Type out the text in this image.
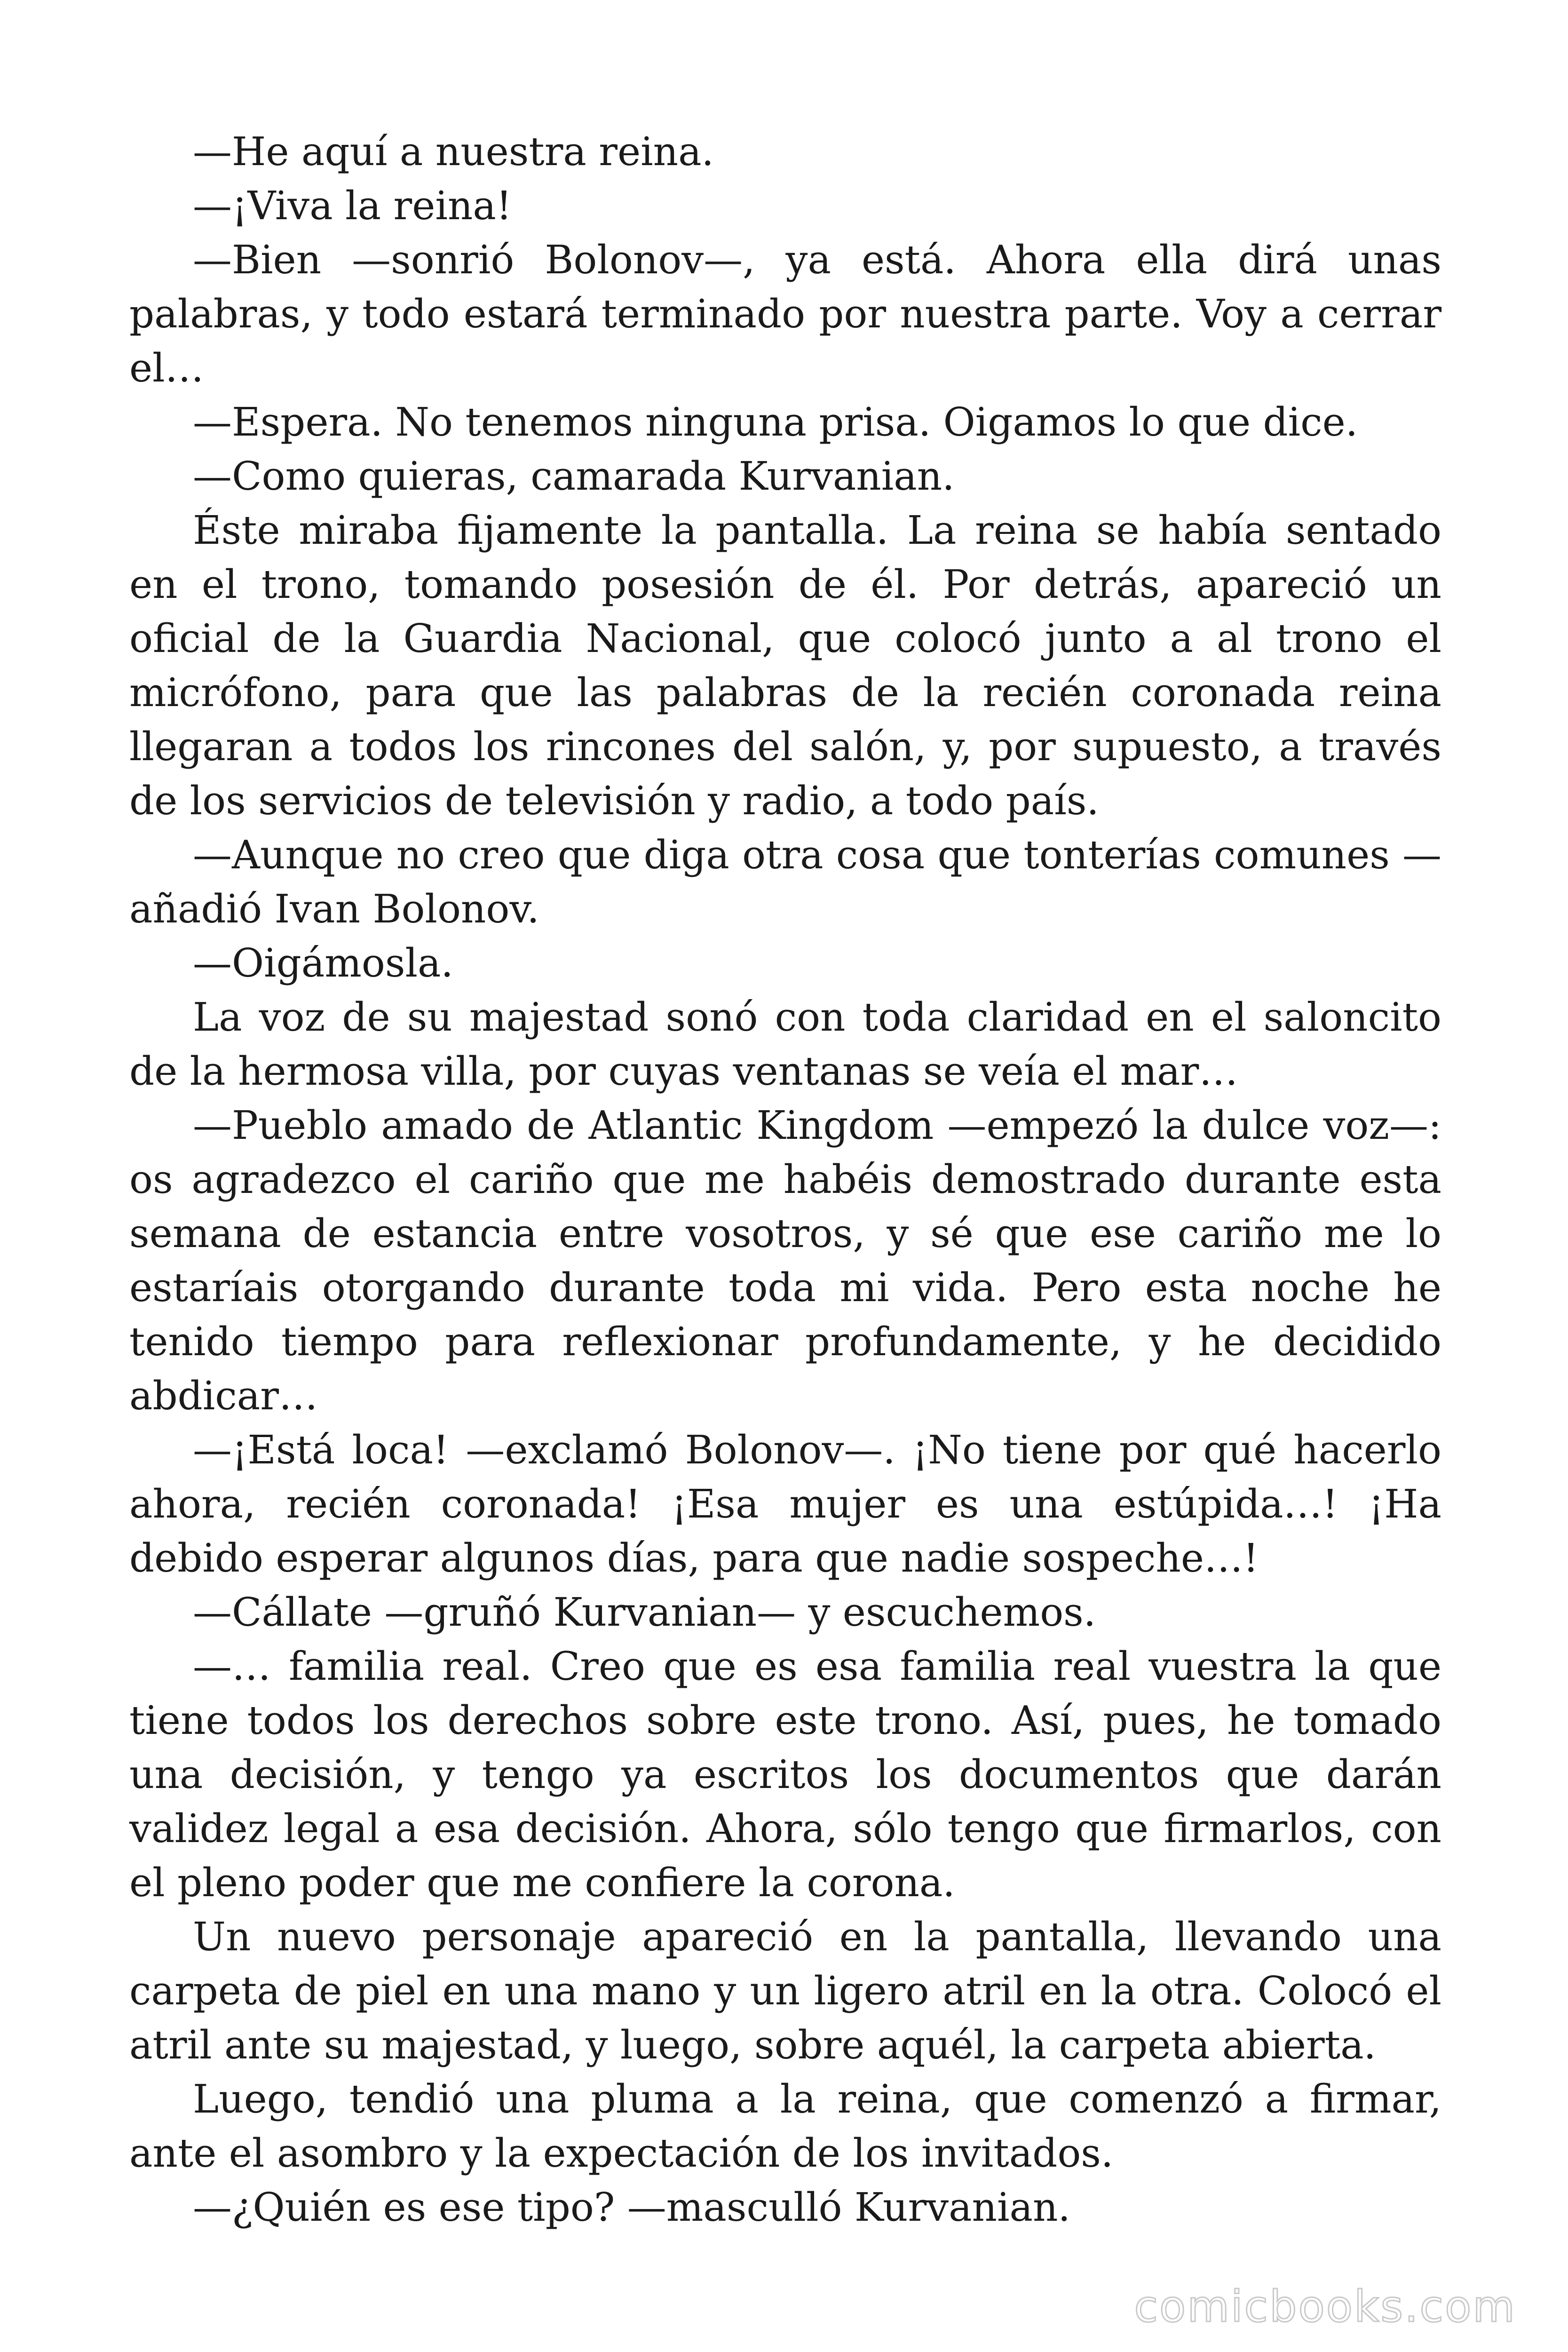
—He aquí a nuestra reina.

—¡Viva la reina!

—Bien —sonrió Bolonov—, ya está. Ahora ella dirá unas palabras, y todo estará terminado por nuestra parte. Voy a cerrar el…

—Espera. No tenemos ninguna prisa. Oigamos lo que dice.

—Como quieras, camarada Kurvanian.

Éste miraba fijamente la pantalla. La reina se había sentado en el trono, tomando posesión de él. Por detrás, apareció un oficial de la Guardia Nacional, que colocó junto a al trono el micrófono, para que las palabras de la recién coronada reina llegaran a todos los rincones del salón, y, por supuesto, a través de los servicios de televisión y radio, a todo país.

—Aunque no creo que diga otra cosa que tonterías comunes —añadió Ivan Bolonov.

—Oigámosla.

La voz de su majestad sonó con toda claridad en el saloncito de la hermosa villa, por cuyas ventanas se veía el mar…

—Pueblo amado de Atlantic Kingdom —empezó la dulce voz—: os agradezco el cariño que me habéis demostrado durante esta semana de estancia entre vosotros, y sé que ese cariño me lo estaríais otorgando durante toda mi vida. Pero esta noche he tenido tiempo para reflexionar profundamente, y he decidido abdicar…

—¡Está loca! —exclamó Bolonov—. ¡No tiene por qué hacerlo ahora, recién coronada! ¡Esa mujer es una estúpida…! ¡Ha debido esperar algunos días, para que nadie sospeche…!

—Cállate —gruñó Kurvanian— y escuchemos.

—… familia real. Creo que es esa familia real vuestra la que tiene todos los derechos sobre este trono. Así, pues, he tomado una decisión, y tengo ya escritos los documentos que darán validez legal a esa decisión. Ahora, sólo tengo que firmarlos, con el pleno poder que me confiere la corona.

Un nuevo personaje apareció en la pantalla, llevando una carpeta de piel en una mano y un ligero atril en la otra. Colocó el atril ante su majestad, y luego, sobre aquél, la carpeta abierta.

Luego, tendió una pluma a la reina, que comenzó a firmar, ante el asombro y la expectación de los invitados.

—¿Quién es ese tipo? —masculló Kurvanian.

comicbooks.com
